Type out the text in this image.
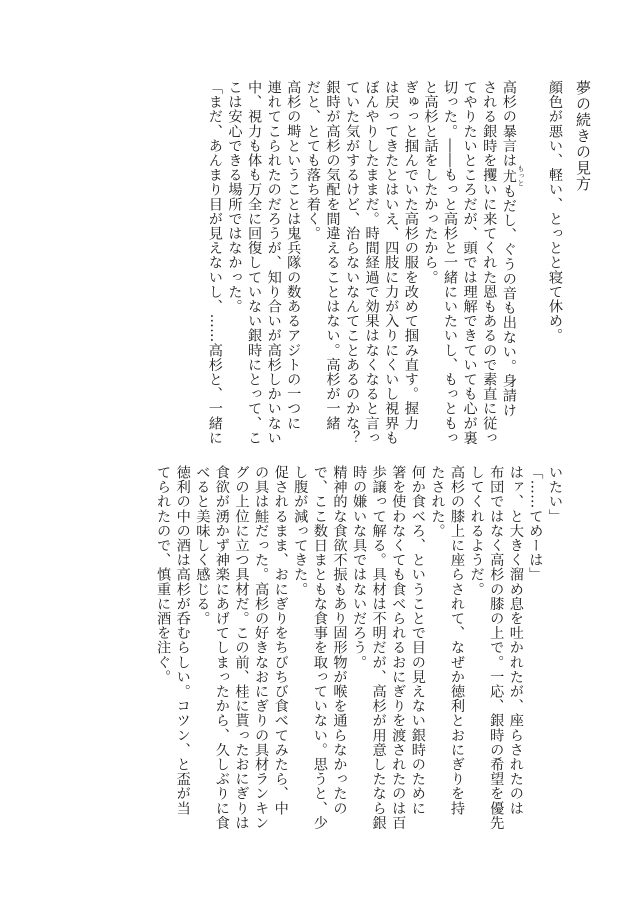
夢の続きの見方
顔色が悪い、軽い、とっとと寝て休め。
高杉の暴言は尤 もっともだし、ぐうの音も出ない。身請け
される銀時を攫いに来てくれた恩もあるので素直に従っ
てやりたいところだが、頭では理解できていても心が裏
切った。――もっと高杉と一緒にいたいし、もっともっ
と高杉と話をしたかったから。
ぎゅっと掴んでいた高杉の服を改めて掴み直す。握力
は戻ってきたとはいえ、四肢に力が入りにくいし視界も
ぼんやりしたままだ。時間経過で効果はなくなると言っ
ていた気がするけど、治らないなんてことあるのかな？
銀時が高杉の気配を間違えることはない。高杉が一緒
だと、とても落ち着く。
高杉の塒ということは鬼兵隊の数あるアジトの一つに
連れてこられたのだろうが、知り合いが高杉しかいない
中、視力も体も万全に回復していない銀時にとって、こ
こは安心できる場所ではなかった。
「まだ、あんまり目が見えないし、……高杉と、一緒に
いたい」
「……てめーは」
はァ、と大きく溜め息を吐かれたが、座らされたのは
布団ではなく高杉の膝の上で。一応、銀時の希望を優先
してくれるようだ。
高杉の膝上に座らされて、なぜか徳利とおにぎりを持
たされた。
何か食べろ、ということで目の見えない銀時のために
箸を使わなくても食べられるおにぎりを渡されたのは百
歩譲って解る。具材は不明だが、高杉が用意したなら銀
時の嫌いな具ではないだろう。
精神的な食欲不振もあり固形物が喉を通らなかったの
で、ここ数日まともな食事を取っていない。思うと、少
し腹が減ってきた。
促されるまま、おにぎりをちびちび食べてみたら、中
の具は鮭だった。高杉の好きなおにぎりの具材ランキン
グの上位に立つ具材だ。この前、桂に貰ったおにぎりは
食欲が湧かず神楽にあげてしまったから、久しぶりに食
べると美味しく感じる。
徳利の中の酒は高杉が呑むらしい。コツン、と盃が当
てられたので、慎重に酒を注ぐ。
